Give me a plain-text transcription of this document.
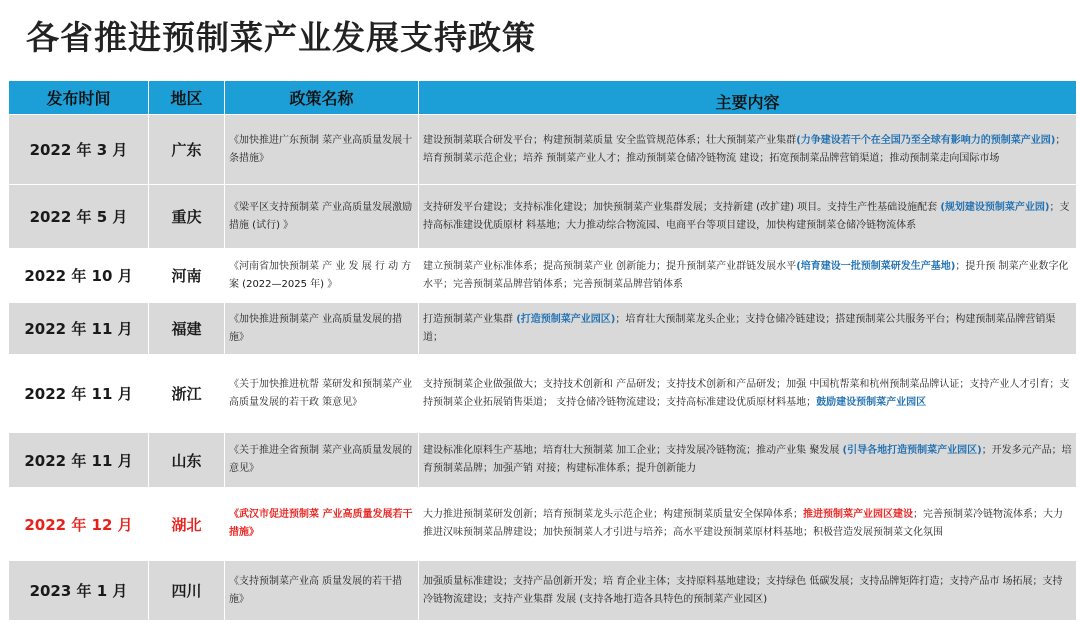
各省推进预制菜产业发展支持政策
发布时间	地区	政策名称	主要内容
2022 年 3 月	广东	《加快推进广东预制 菜产业高质量发展十条措施》	建设预制菜联合研发平台；构建预制菜质量 安全监管规范体系；壮大预制菜产业集群(力争建设若干个在全国乃至全球有影响力的预制菜产业园)；培育预制菜示范企业；培养 预制菜产业人才；推动预制菜仓储冷链物流 建设；拓宽预制菜品牌营销渠道；推动预制菜走向国际市场
2022 年 5 月	重庆	《梁平区支持预制菜 产业高质量发展激励 措施 (试行) 》	支持研发平台建设；支持标准化建设；加快预制菜产业集群发展；支持新建 (改扩建) 项目。支持生产性基础设施配套 (规划建设预制菜产业园)；支持高标准建设优质原材 料基地；大力推动综合物流园、电商平台等项目建设，加快构建预制菜仓储冷链物流体系
2022 年 10 月	河南	《河南省加快预制菜 产 业 发 展 行 动 方 案 (2022—2025 年) 》	建立预制菜产业标准体系；提高预制菜产业 创新能力；提升预制菜产业群链发展水平(培育建设一批预制菜研发生产基地)；提升预 制菜产业数字化水平；完善预制菜品牌营销体系；完善预制菜品牌营销体系
2022 年 11 月	福建	《加快推进预制菜产 业高质量发展的措施》	打造预制菜产业集群 (打造预制菜产业园区)；培育壮大预制菜龙头企业；支持仓储冷链建设；搭建预制菜公共服务平台；构建预制菜品牌营销渠道；
2022 年 11 月	浙江	《关于加快推进杭帮 菜研发和预制菜产业 高质量发展的若干政 策意见》	支持预制菜企业做强做大；支持技术创新和 产品研发；支持技术创新和产品研发；加强 中国杭帮菜和杭州预制菜品牌认证；支持产业人才引育；支持预制菜企业拓展销售渠道； 支持仓储冷链物流建设；支持高标准建设优质原材料基地；鼓励建设预制菜产业园区
2022 年 11 月	山东	《关于推进全省预制 菜产业高质量发展的 意见》	建设标准化原料生产基地；培育壮大预制菜 加工企业；支持发展冷链物流；推动产业集 聚发展 (引导各地打造预制菜产业园区)；开发多元产品；培育预制菜品牌；加强产销 对接；构建标准体系；提升创新能力
2022 年 12 月	湖北	《武汉市促进预制菜 产业高质量发展若干措施》	大力推进预制菜研发创新；培育预制菜龙头示范企业；构建预制菜质量安全保障体系；推进预制菜产业园区建设；完善预制菜冷链物流体系；大力推进汉味预制菜品牌建设；加快预制菜人才引进与培养；高水平建设预制菜原材料基地；积极营造发展预制菜文化氛围
2023 年 1 月	四川	《支持预制菜产业高 质量发展的若干措施》	加强质量标准建设；支持产品创新开发；培 育企业主体；支持原料基地建设；支持绿色 低碳发展；支持品牌矩阵打造；支持产品市 场拓展；支持冷链物流建设；支持产业集群 发展 (支持各地打造各具特色的预制菜产业园区)
